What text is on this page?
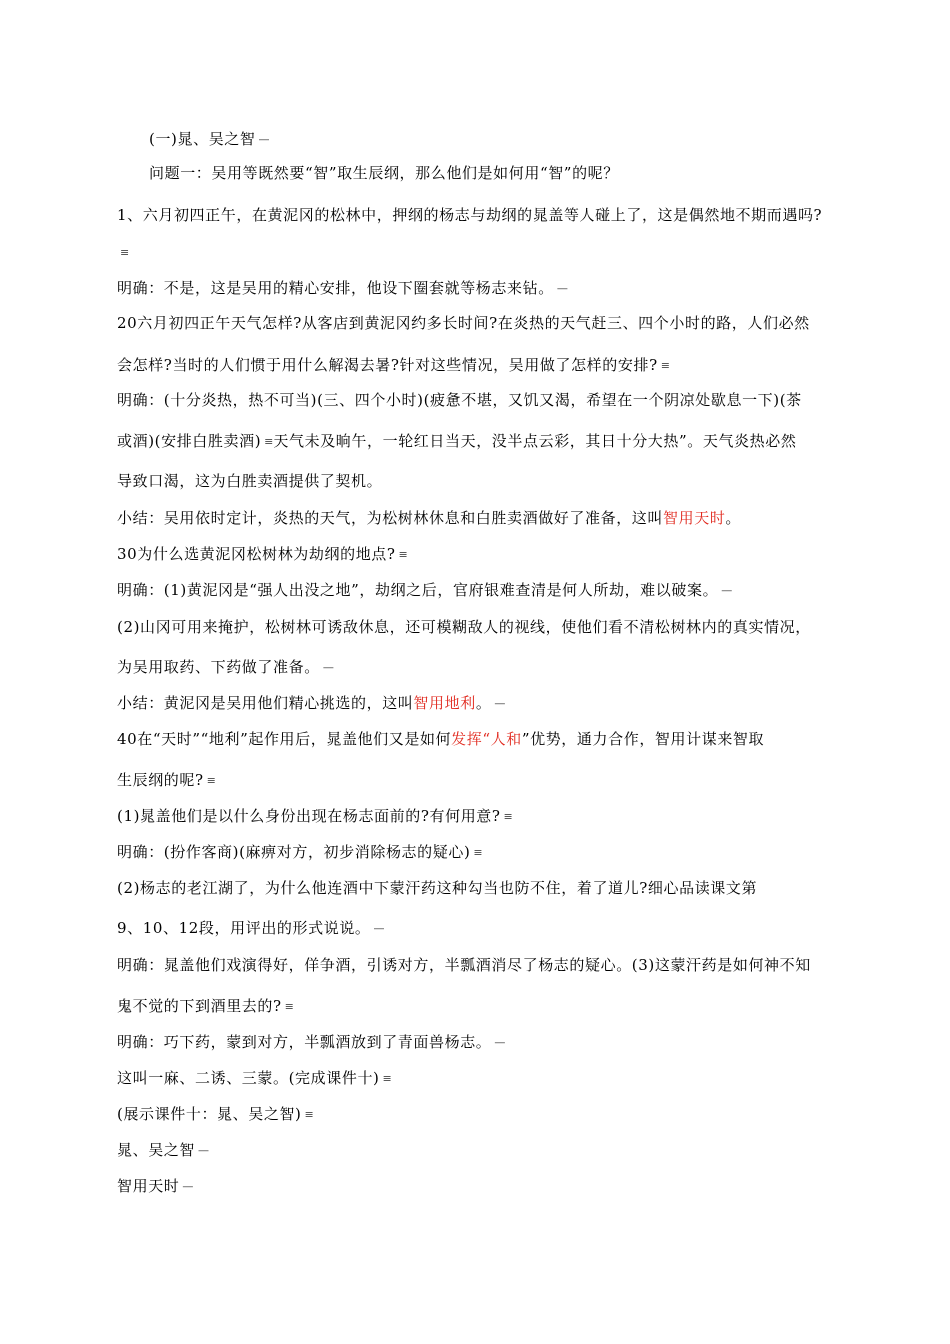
(一)晁、吴之智 —
问题一：吴用等既然要“智”取生辰纲，那么他们是如何用“智”的呢？
1、六月初四正午，在黄泥冈的松林中，押纲的杨志与劫纲的晁盖等人碰上了，这是偶然地不期而遇吗?
≡
明确：不是，这是吴用的精心安排，他设下圈套就等杨志来钻。 —
20六月初四正午天气怎样?从客店到黄泥冈约多长时间?在炎热的天气赶三、四个小时的路，人们必然
会怎样?当时的人们惯于用什么解渴去暑?针对这些情况，吴用做了怎样的安排? ≡
明确：(十分炎热，热不可当)(三、四个小时)(疲惫不堪，又饥又渴，希望在一个阴凉处歇息一下)(茶
或酒)(安排白胜卖酒) ≡天气未及晌午，一轮红日当天，没半点云彩，其日十分大热”。天气炎热必然
导致口渴，这为白胜卖酒提供了契机。
小结：吴用依时定计，炎热的天气，为松树林休息和白胜卖酒做好了准备，这叫智用天时。
30为什么选黄泥冈松树林为劫纲的地点? ≡
明确：(1)黄泥冈是“强人出没之地”，劫纲之后，官府银难查清是何人所劫，难以破案。 —
(2)山冈可用来掩护，松树林可诱敌休息，还可模糊敌人的视线，使他们看不清松树林内的真实情况，
为吴用取药、下药做了准备。 —
小结：黄泥冈是吴用他们精心挑选的，这叫智用地利。 —
40在“天时”“地利”起作用后，晁盖他们又是如何发挥“人和”优势，通力合作，智用计谋来智取
生辰纲的呢? ≡
(1)晁盖他们是以什么身份出现在杨志面前的?有何用意? ≡
明确：(扮作客商)(麻痹对方，初步消除杨志的疑心) ≡
(2)杨志的老江湖了，为什么他连酒中下蒙汗药这种勾当也防不住，着了道儿?细心品读课文第
9、10、12段，用评出的形式说说。 —
明确：晁盖他们戏演得好，佯争酒，引诱对方，半瓢酒消尽了杨志的疑心。(3)这蒙汗药是如何神不知
鬼不觉的下到酒里去的? ≡
明确：巧下药，蒙到对方，半瓢酒放到了青面兽杨志。 —
这叫一麻、二诱、三蒙。(完成课件十) ≡
(展示课件十：晁、吴之智) ≡
晁、吴之智 —
智用天时 —
